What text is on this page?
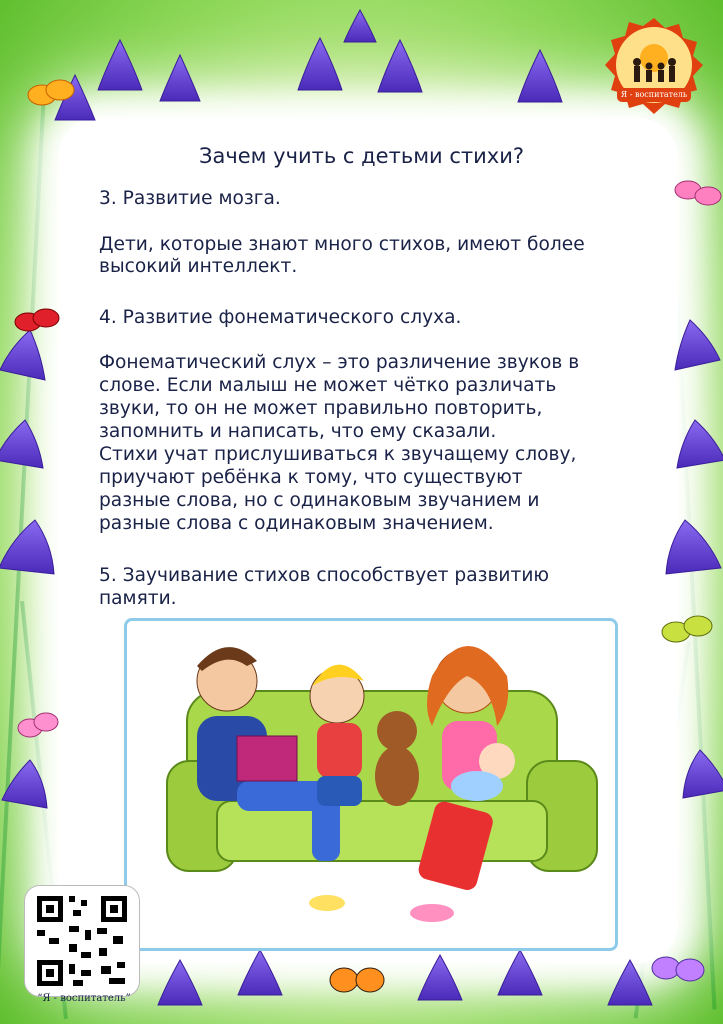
Я - воспитатель
Зачем учить с детьми стихи?
3. Развитие мозга.
Дети, которые знают много стихов, имеют более
высокий интеллект.
4. Развитие фонематического слуха.
Фонематический слух – это различение звуков в
слове. Если малыш не может чётко различать
звуки, то он не может правильно повторить,
запомнить и написать, что ему сказали.
Стихи учат прислушиваться к звучащему слову,
приучают ребёнка к тому, что существуют
разные слова, но с одинаковым звучанием и
разные слова с одинаковым значением.
5. Заучивание стихов способствует развитию
памяти.
“Я - воспитатель”
